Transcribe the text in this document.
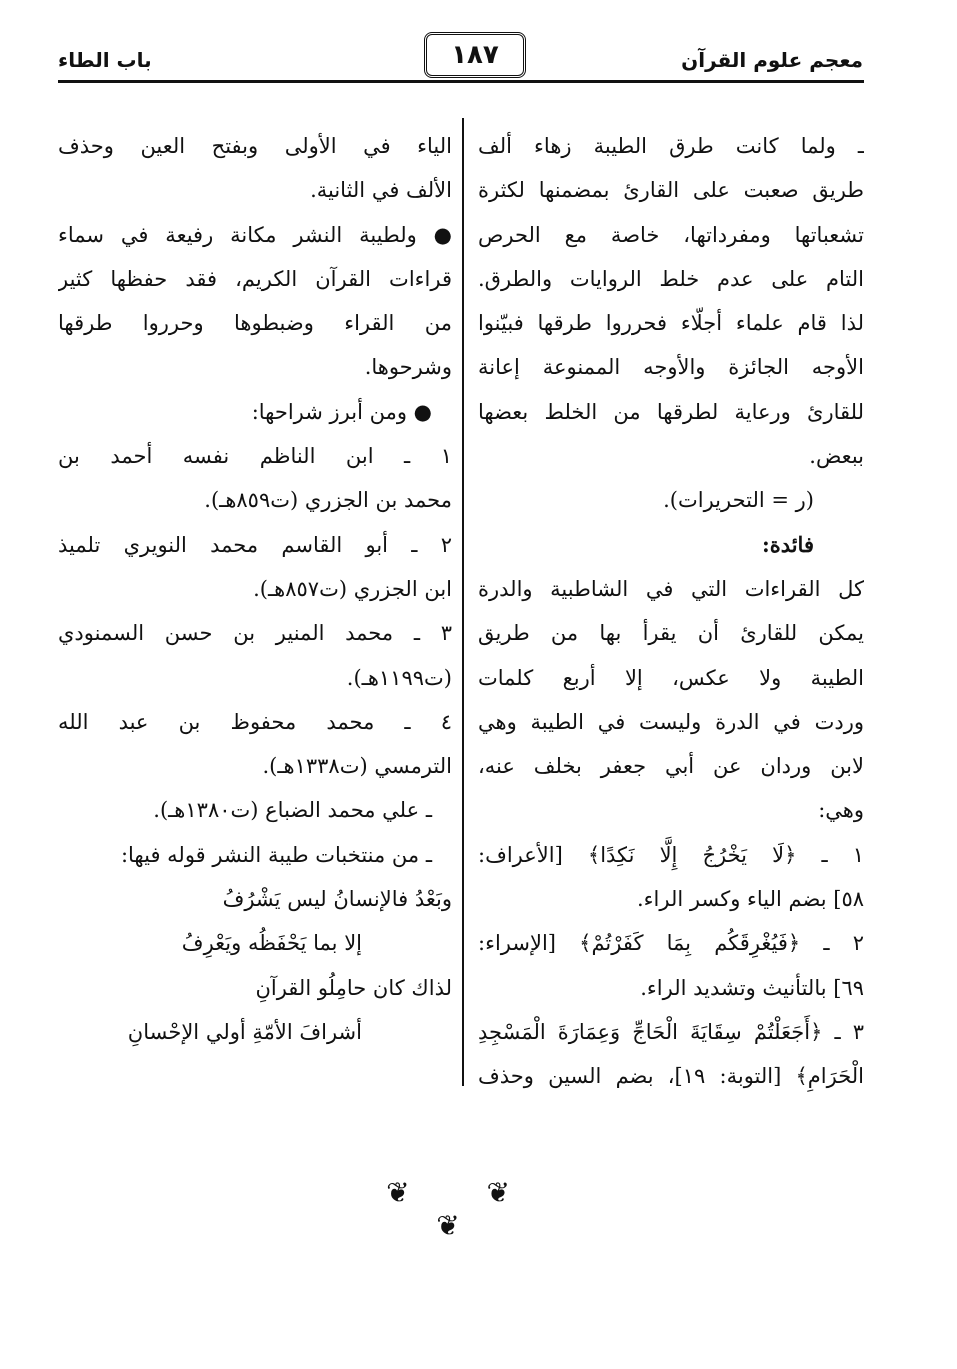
معجم علوم القرآن
١٨٧
باب الطاء
ـ ولما كانت طرق الطيبة زهاء ألف
طريق صعبت على القارئ بمضمنها لكثرة
تشعباتها ومفرداتها، خاصة مع الحرص
التام على عدم خلط الروايات والطرق.
لذا قام علماء أجلّاء فحرروا طرقها فبيّنوا
الأوجه الجائزة والأوجه الممنوعة إعانة
للقارئ ورعاية لطرقها من الخلط بعضها
ببعض.
(ر = التحريرات).
فائدة:
كل القراءات التي في الشاطبية والدرة
يمكن للقارئ أن يقرأ بها من طريق
الطيبة ولا عكس، إلا أربع كلمات
وردت في الدرة وليست في الطيبة وهي
لابن وردان عن أبي جعفر بخلف عنه،
وهي:
١ ـ ﴿لَا يَخْرُجُ إِلَّا نَكِدًا﴾ [الأعراف:
٥٨] بضم الياء وكسر الراء.
٢ ـ ﴿فَيُغْرِقَكُم بِمَا كَفَرْتُمْ﴾ [الإسراء:
٦٩] بالتأنيث وتشديد الراء.
٣ ـ ﴿أَجَعَلْتُمْ سِقَايَةَ الْحَاجِّ وَعِمَارَةَ الْمَسْجِدِ
الْحَرَامِ﴾ [التوبة: ١٩]، بضم السين وحذف
الياء في الأولى وبفتح العين وحذف
الألف في الثانية.
● ولطيبة النشر مكانة رفيعة في سماء
قراءات القرآن الكريم، فقد حفظها كثير
من القراء وضبطوها وحرروا طرقها
وشرحوها.
● ومن أبرز شراحها:
١ ـ ابن الناظم نفسه أحمد بن
محمد بن الجزري (ت٨٥٩هـ).
٢ ـ أبو القاسم محمد النويري تلميذ
ابن الجزري (ت٨٥٧هـ).
٣ ـ محمد المنير بن حسن السمنودي
(ت١١٩٩هـ).
٤ ـ محمد محفوظ بن عبد الله
الترمسي (ت١٣٣٨هـ).
ـ علي محمد الضباع (ت١٣٨٠هـ).
ـ من منتخبات طيبة النشر قوله فيها:
وبَعْدُ فالإنسانُ ليس يَشْرُفُ
إلا بما يَحْفَظُه ويَعْرِفُ
لذاك كان حامِلُو القرآنِ
أشرافَ الأمّةِ أولي الإحْسانِ
❦ ❦ ❦
